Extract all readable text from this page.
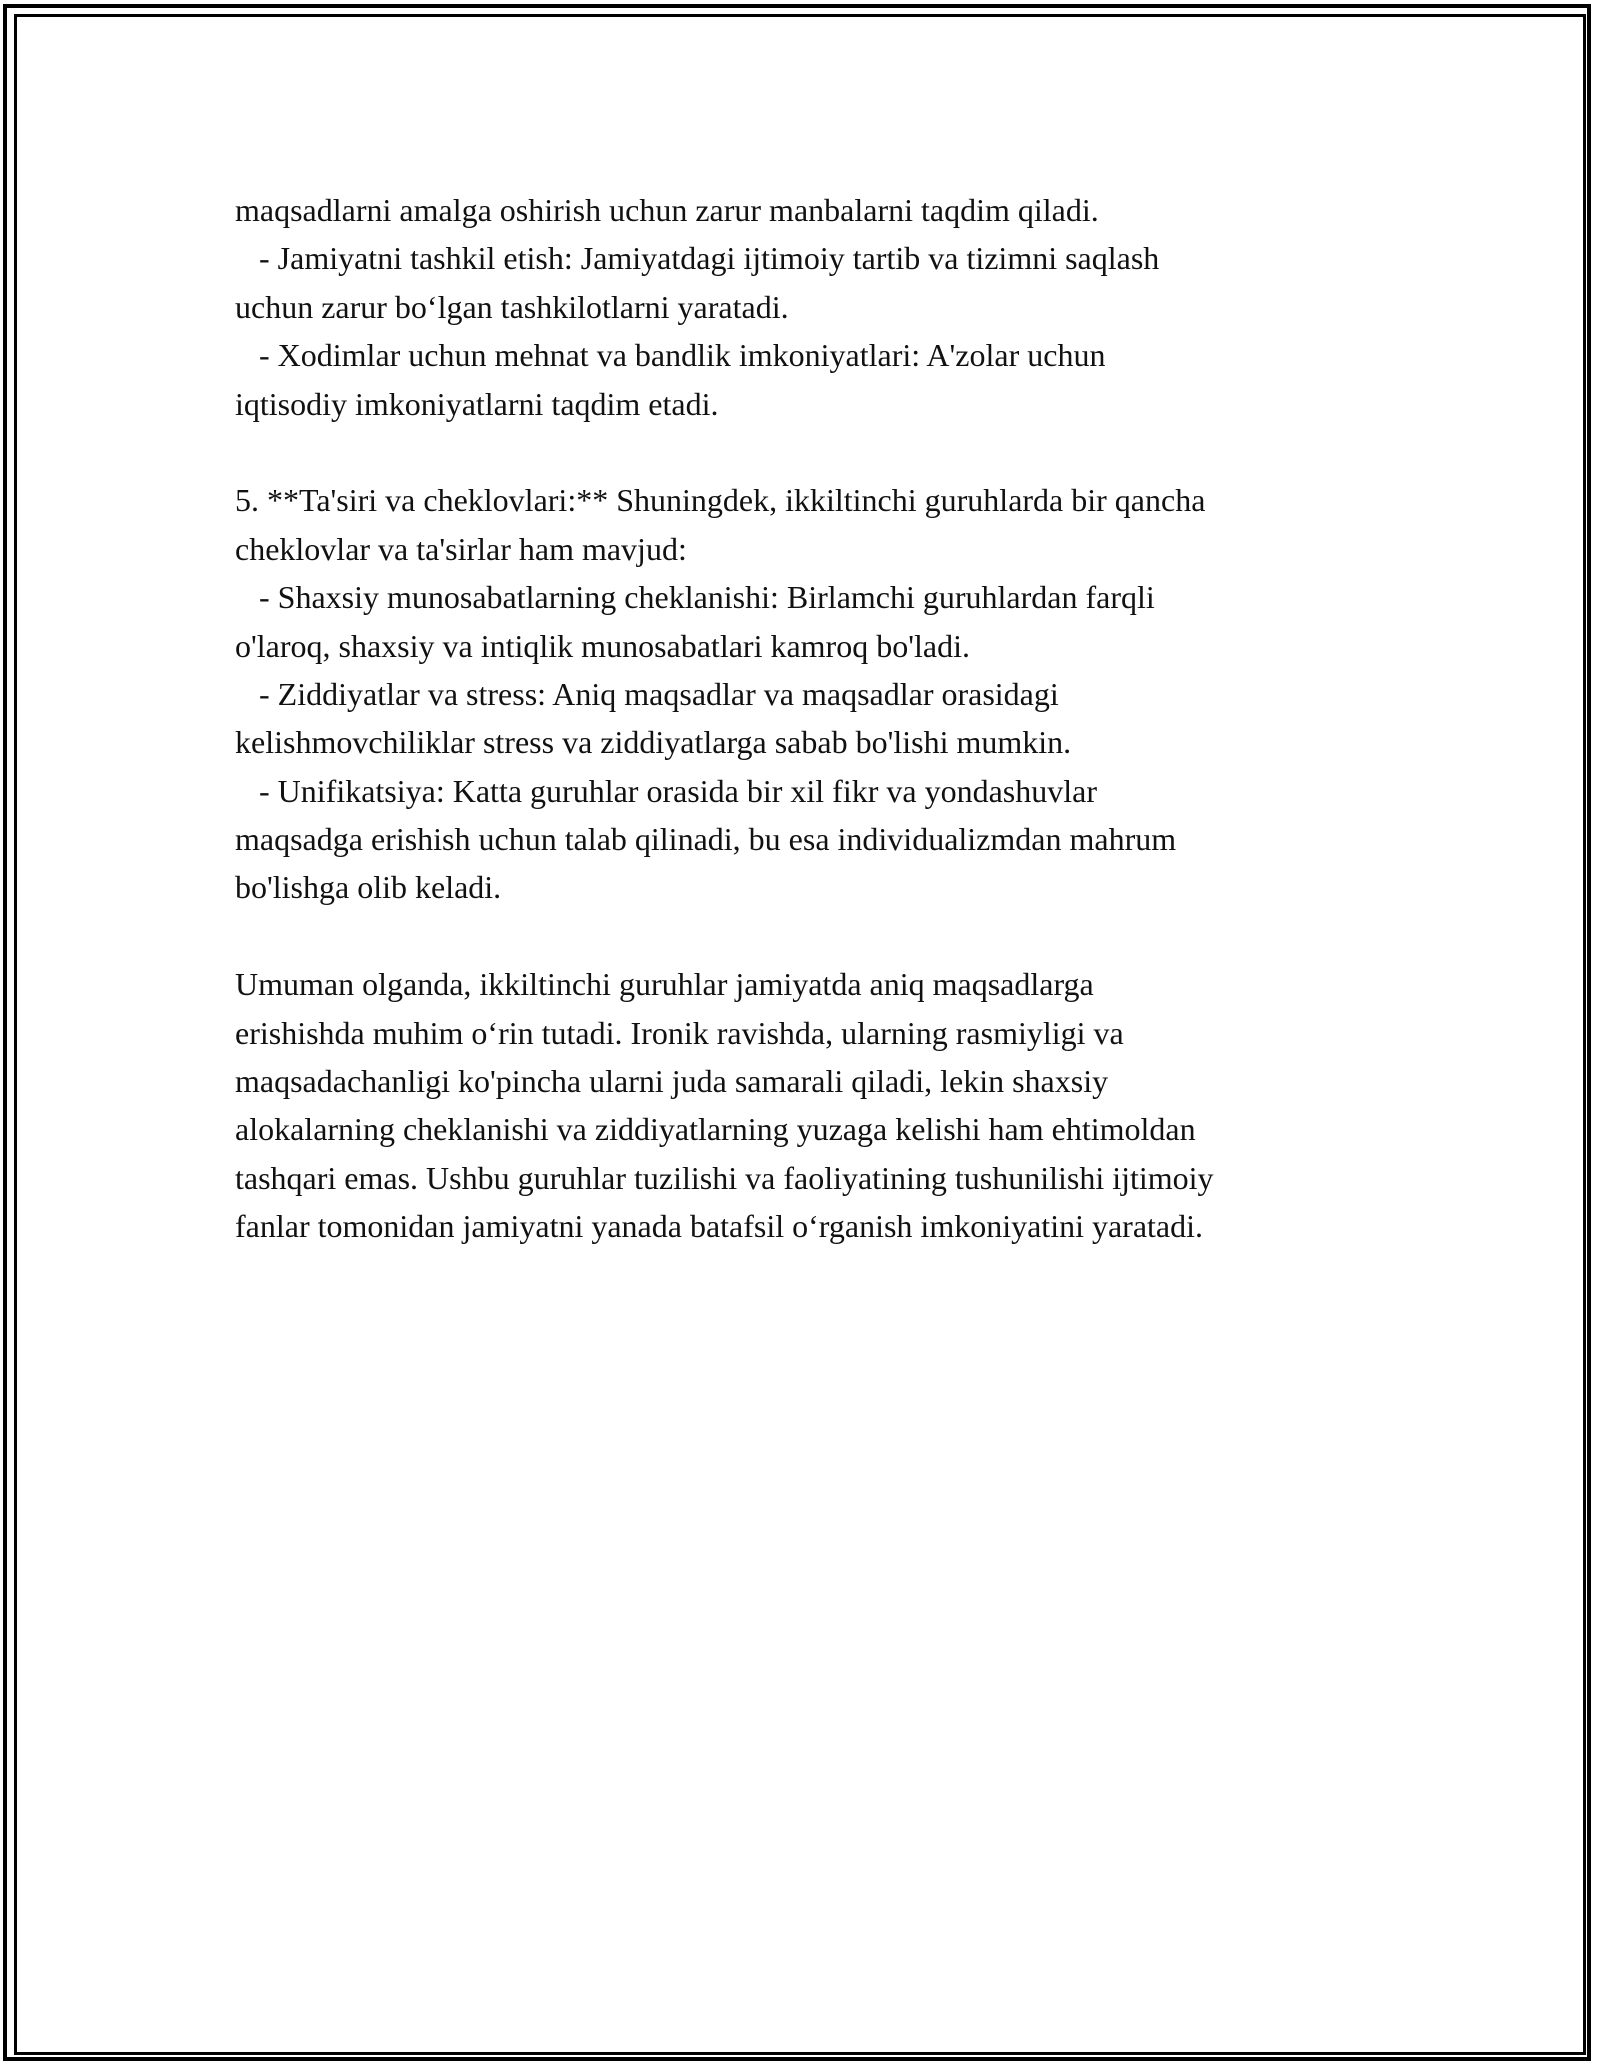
maqsadlarni amalga oshirish uchun zarur manbalarni taqdim qiladi.
- Jamiyatni tashkil etish: Jamiyatdagi ijtimoiy tartib va tizimni saqlash
uchun zarur bo‘lgan tashkilotlarni yaratadi.
- Xodimlar uchun mehnat va bandlik imkoniyatlari: A'zolar uchun
iqtisodiy imkoniyatlarni taqdim etadi.
5. **Ta'siri va cheklovlari:** Shuningdek, ikkiltinchi guruhlarda bir qancha
cheklovlar va ta'sirlar ham mavjud:
- Shaxsiy munosabatlarning cheklanishi: Birlamchi guruhlardan farqli
o'laroq, shaxsiy va intiqlik munosabatlari kamroq bo'ladi.
- Ziddiyatlar va stress: Aniq maqsadlar va maqsadlar orasidagi
kelishmovchiliklar stress va ziddiyatlarga sabab bo'lishi mumkin.
- Unifikatsiya: Katta guruhlar orasida bir xil fikr va yondashuvlar
maqsadga erishish uchun talab qilinadi, bu esa individualizmdan mahrum
bo'lishga olib keladi.
Umuman olganda, ikkiltinchi guruhlar jamiyatda aniq maqsadlarga
erishishda muhim o‘rin tutadi. Ironik ravishda, ularning rasmiyligi va
maqsadachanligi ko'pincha ularni juda samarali qiladi, lekin shaxsiy
alokalarning cheklanishi va ziddiyatlarning yuzaga kelishi ham ehtimoldan
tashqari emas. Ushbu guruhlar tuzilishi va faoliyatining tushunilishi ijtimoiy
fanlar tomonidan jamiyatni yanada batafsil o‘rganish imkoniyatini yaratadi.
